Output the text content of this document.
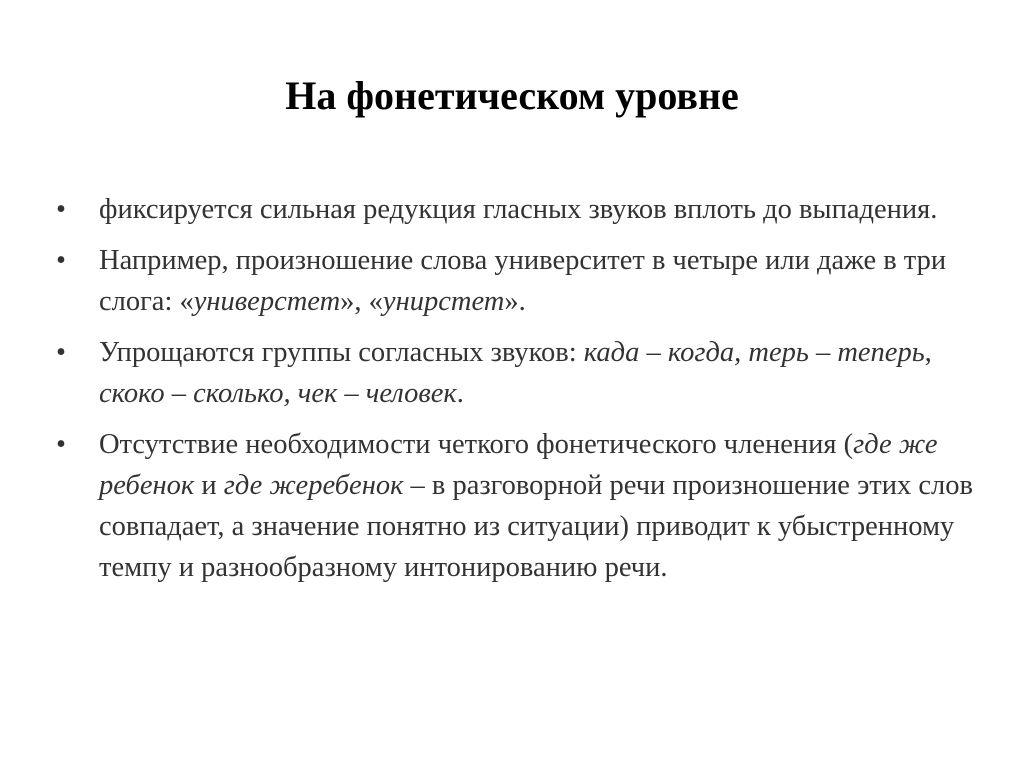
На фонетическом уровне
•	фиксируется сильная редукция гласных звуков вплоть до выпадения.
•	Например, произношение слова университет в четыре или даже в три слога: «универстет», «унирстет».
•	Упрощаются группы согласных звуков: када – когда, терь – теперь, скоко – сколько, чек – человек.
•	Отсутствие необходимости четкого фонетического членения (где же ребенок и где жеребенок – в разговорной речи произношение этих слов совпадает, а значение понятно из ситуации) приводит к убыстренному темпу и разнообразному интонированию речи.
